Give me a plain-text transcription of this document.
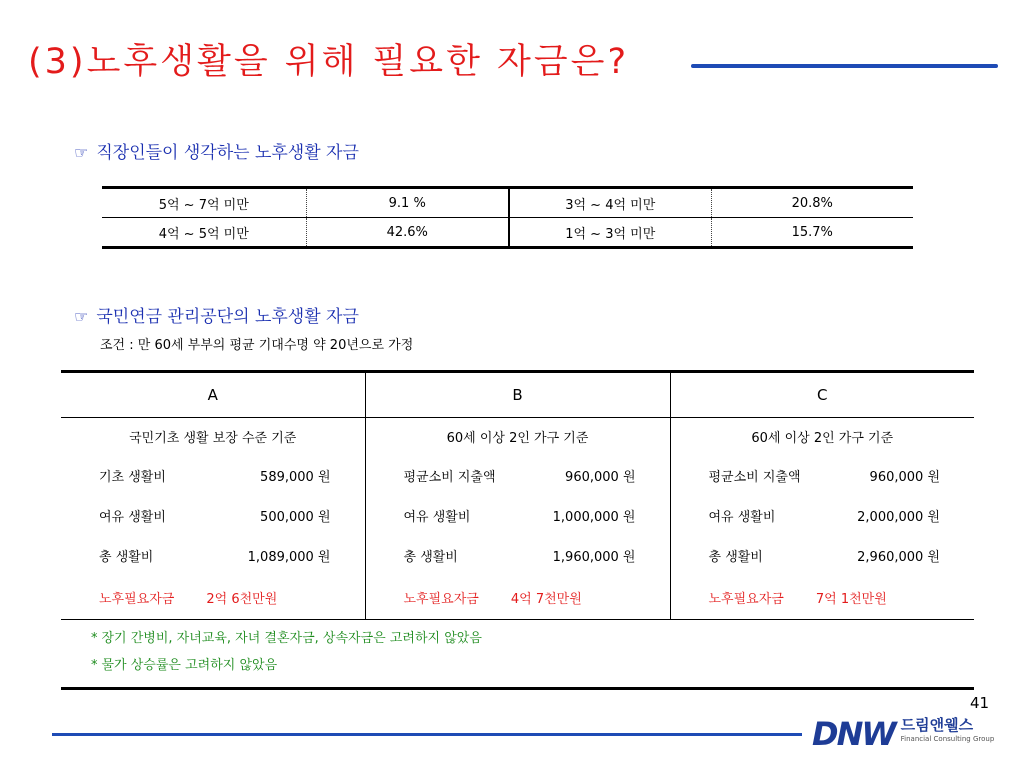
(3)노후생활을 위해 필요한 자금은?
☞ 직장인들이 생각하는 노후생활 자금
5억 ~ 7억 미만	9.1 %	3억 ~ 4억 미만	20.8%
4억 ~ 5억 미만	42.6%	1억 ~ 3억 미만	15.7%
☞ 국민연금 관리공단의 노후생활 자금
조건 : 만 60세 부부의 평균 기대수명 약 20년으로 가정
A	B	C
국민기초 생활 보장 수준 기준	60세 이상 2인 가구 기준	60세 이상 2인 가구 기준

기초 생활비 589,000 원	평균소비 지출액 960,000 원	평균소비 지출액 960,000 원

여유 생활비 500,000 원	여유 생활비 1,000,000 원	여유 생활비 2,000,000 원

총 생활비 1,089,000 원	총 생활비 1,960,000 원	총 생활비 2,960,000 원

노후필요자금 2억 6천만원	노후필요자금 4억 7천만원	노후필요자금 7억 1천만원

* 장기 간병비, 자녀교육, 자녀 결혼자금, 상속자금은 고려하지 않았음
* 물가 상승률은 고려하지 않았음		
41
DNW 드림앤웰스
Financial Consulting Group
